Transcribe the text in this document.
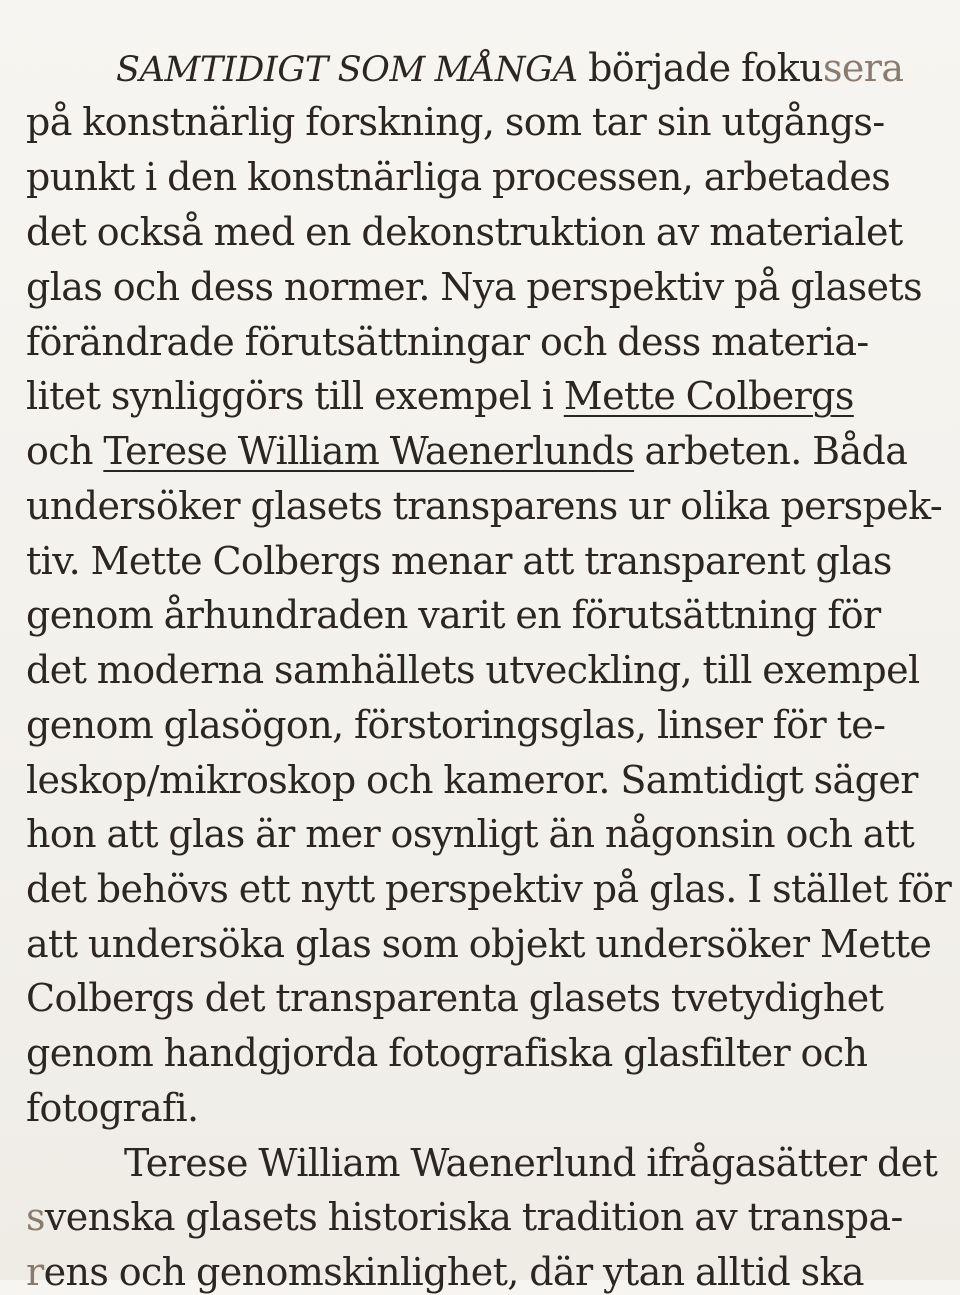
SAMTIDIGT SOM MÅNGA började fokusera
på konstnärlig forskning, som tar sin utgångs-
punkt i den konstnärliga processen, arbetades
det också med en dekonstruktion av materialet
glas och dess normer. Nya perspektiv på glasets
förändrade förutsättningar och dess materia-
litet synliggörs till exempel i Mette Colbergs
och Terese William Waenerlunds arbeten. Båda
undersöker glasets transparens ur olika perspek-
tiv. Mette Colbergs menar att transparent glas
genom århundraden varit en förutsättning för
det moderna samhällets utveckling, till exempel
genom glasögon, förstoringsglas, linser för te-
leskop/mikroskop och kameror. Samtidigt säger
hon att glas är mer osynligt än någonsin och att
det behövs ett nytt perspektiv på glas. I stället för
att undersöka glas som objekt undersöker Mette
Colbergs det transparenta glasets tvetydighet
genom handgjorda fotografiska glasfilter och
fotografi.
Terese William Waenerlund ifrågasätter det
svenska glasets historiska tradition av transpa-
rens och genomskinlighet, där ytan alltid ska
